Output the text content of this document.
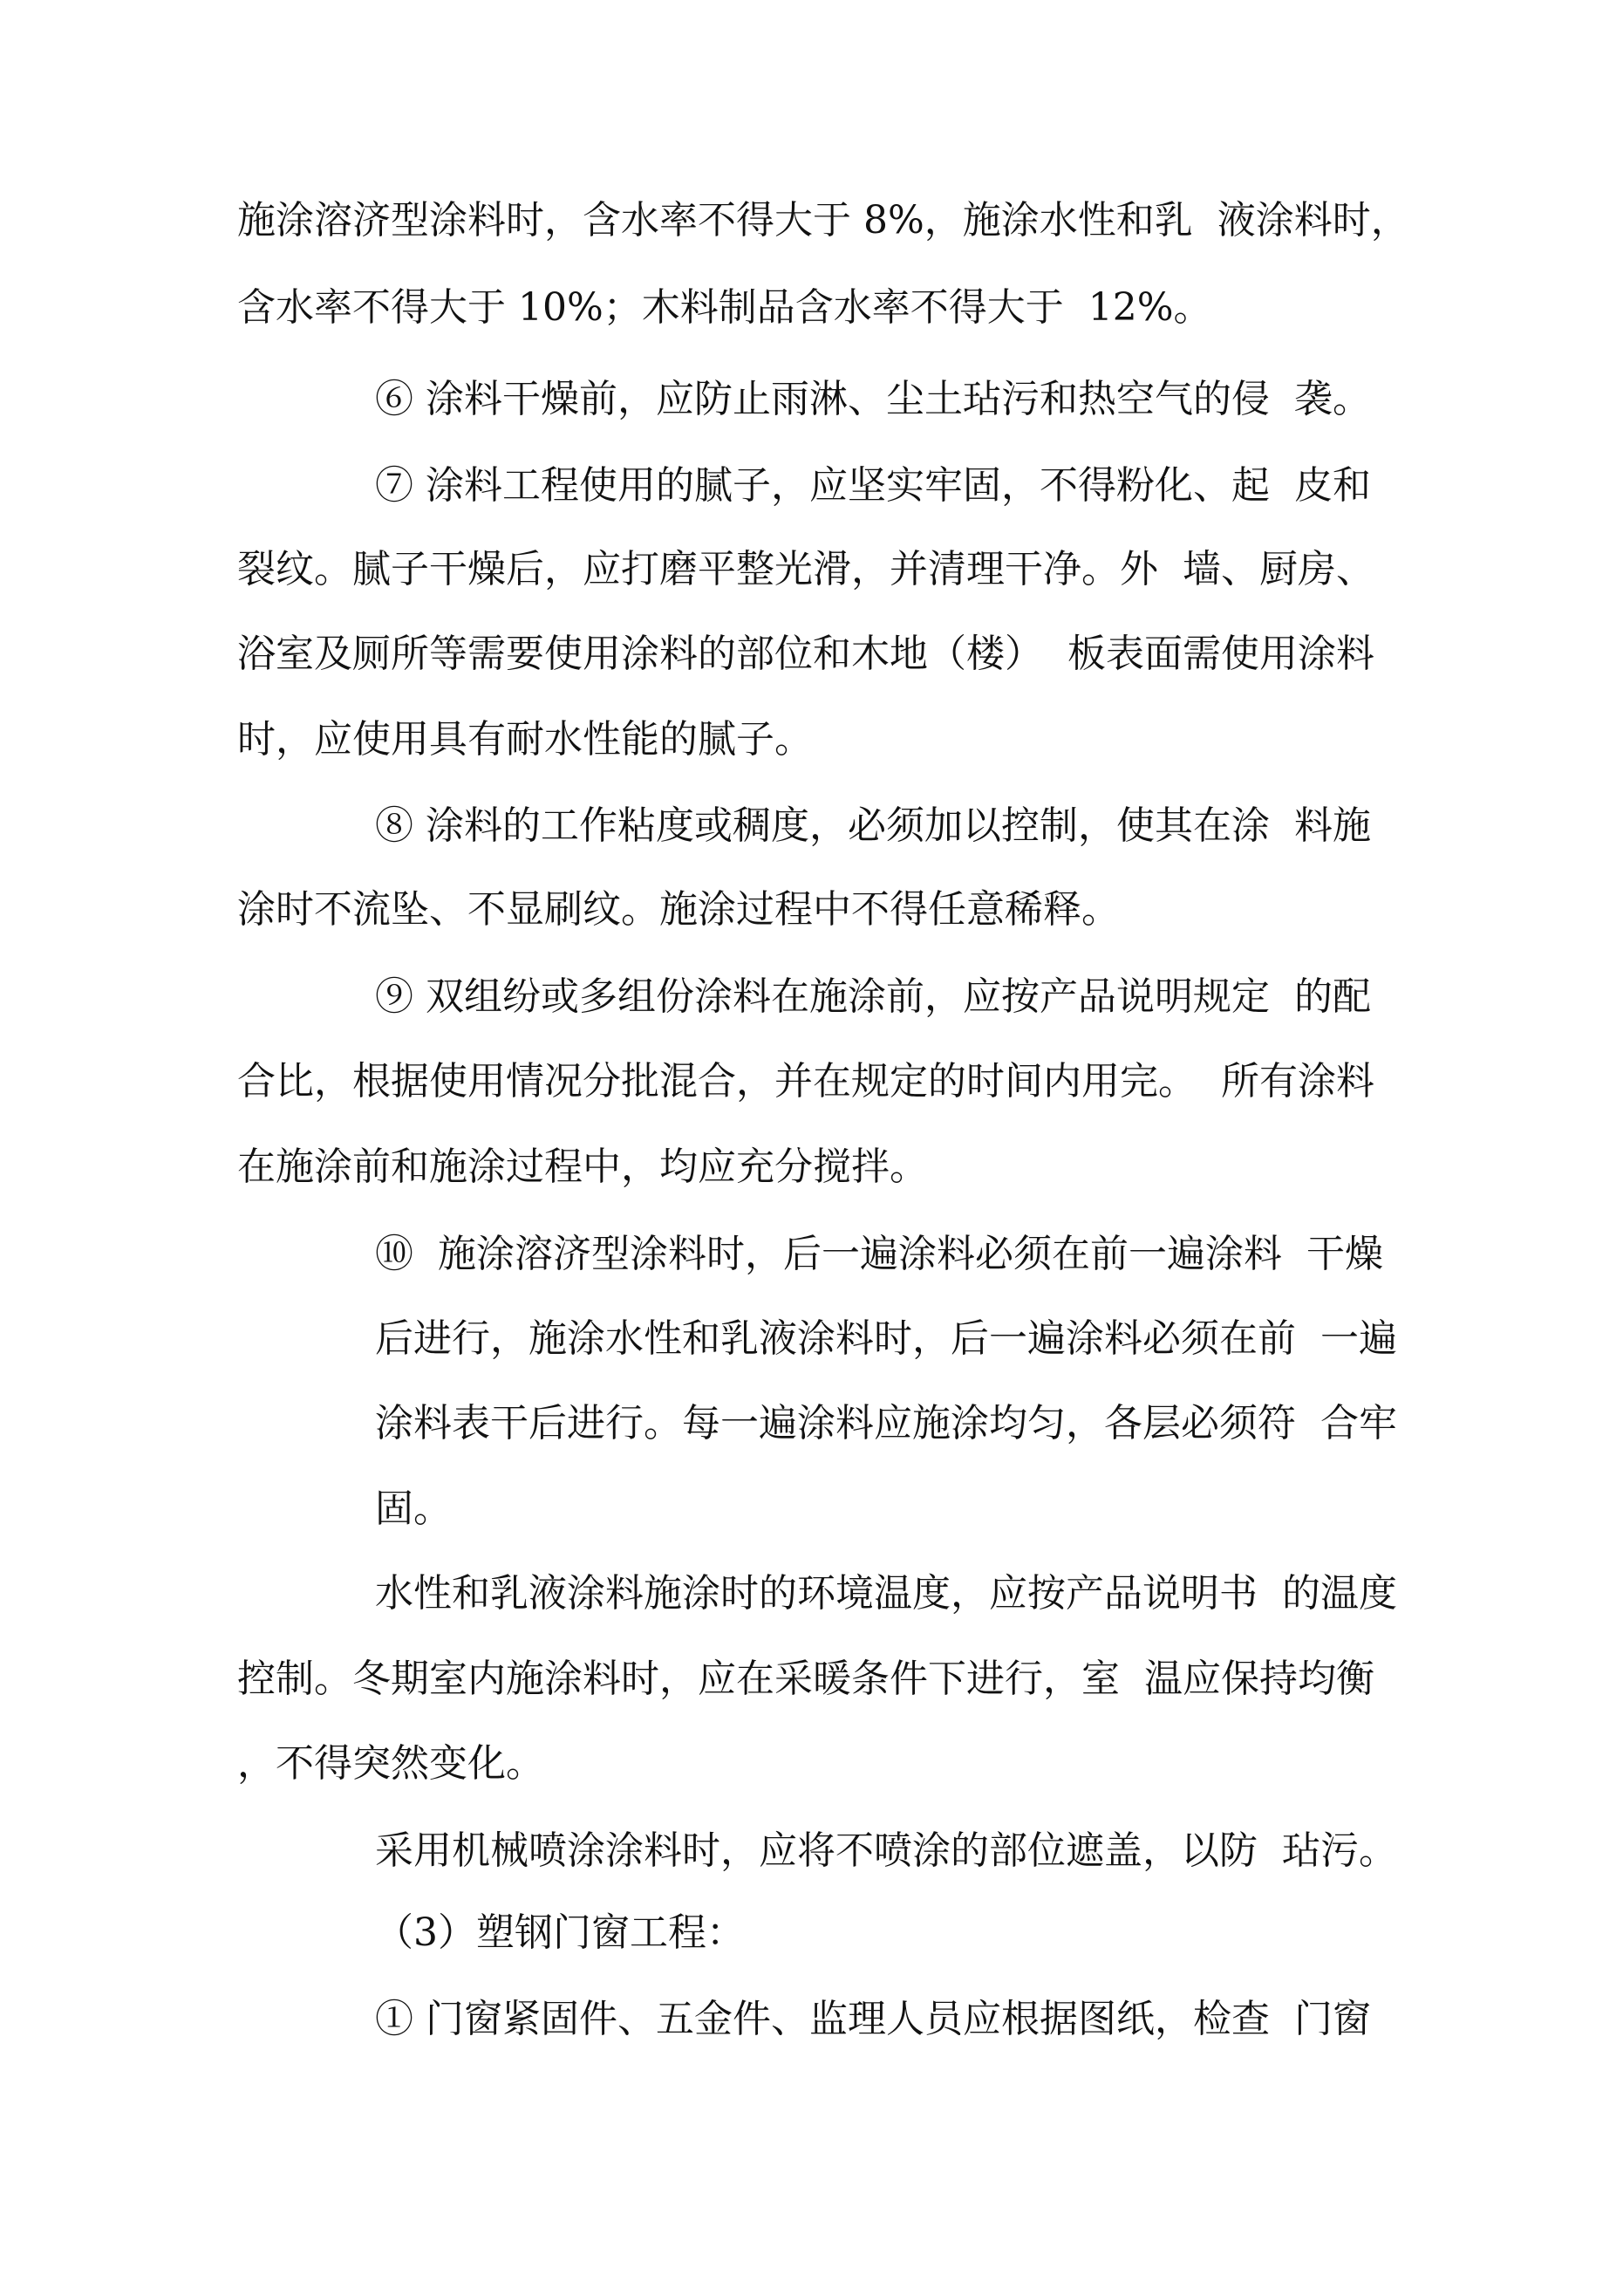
施涂溶济型涂料时，含水率不得大于 8%，施涂水性和乳  液涂料时，
含水率不得大于 10%；木料制品含水率不得大于  12%。
⑥ 涂料干燥前，应防止雨淋、尘土玷污和热空气的侵  袭。
⑦ 涂料工程使用的腻子，应坚实牢固，不得粉化、起  皮和
裂纹。腻子干燥后，应打磨平整光滑，并清理干净。外  墙、厨房、
浴室及厕所等需要使用涂料的部位和木地（楼）  板表面需使用涂料
时，应使用具有耐水性能的腻子。
⑧ 涂料的工作粘度或稠度，必须加以控制，使其在涂  料施
涂时不流坠、不显刷纹。施涂过程中不得任意稀释。
⑨ 双组纷或多组份涂料在施涂前，应按产品说明规定  的配
合比，根据使用情况分批混合，并在规定的时间内用完。  所有涂料
在施涂前和施涂过程中，均应充分搅拌。
⑩  施涂溶济型涂料时，后一遍涂料必须在前一遍涂料  干燥
后进行，施涂水性和乳液涂料时，后一遍涂料必须在前  一遍
涂料表干后进行。每一遍涂料应施涂均匀，各层必须符  合牢
固。
水性和乳液涂料施涂时的环境温度，应按产品说明书  的温度
控制。冬期室内施涂料时，应在采暖条件下进行，室  温应保持均衡
，不得突然变化。
采用机械喷涂涂料时，应将不喷涂的部位遮盖，以防  玷污。
（3）塑钢门窗工程：
① 门窗紧固件、五金件、监理人员应根据图纸，检查  门窗
